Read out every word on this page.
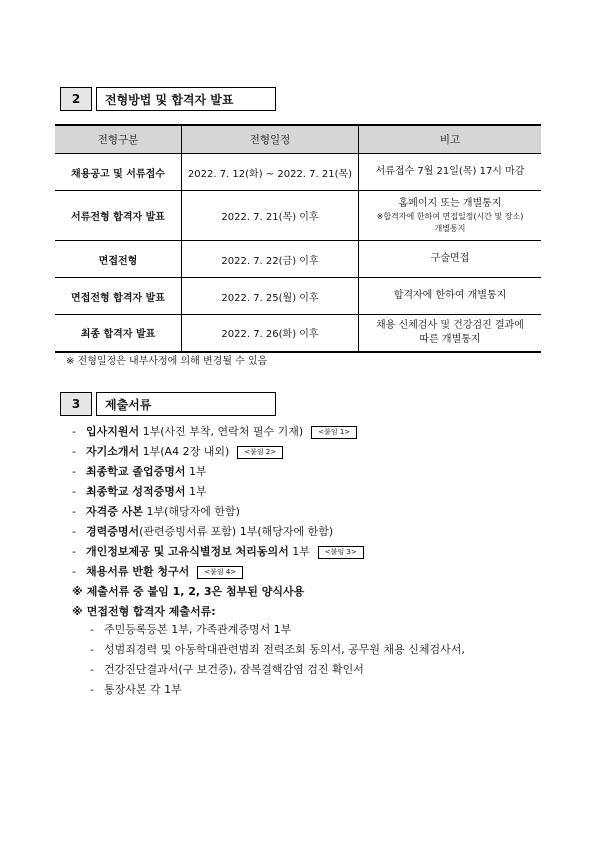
2	전형방법 및 합격자 발표
전형구분	전형일정	비고
채용공고 및 서류접수	2022. 7. 12(화) ~ 2022. 7. 21(목)	서류접수 7월 21일(목) 17시 마감

서류전형 합격자 발표	2022. 7. 21(목) 이후	홈페이지 또는 개별통지
※합격자에 한하여 면접일정(시간 및 장소)
개별통지

면접전형	2022. 7. 22(금) 이후	구술면접

면접전형 합격자 발표	2022. 7. 25(월) 이후	합격자에 한하여 개별통지

최종 합격자 발표	2022. 7. 26(화) 이후	채용 신체검사 및 건강검진 결과에
따른 개별통지
※ 전형일정은 내부사정에 의해 변경될 수 있음
3	제출서류
- 입사지원서 1부(사진 부착, 연락처 필수 기재) <붙임 1>
- 자기소개서 1부(A4 2장 내외) <붙임 2>
- 최종학교 졸업증명서 1부
- 최종학교 성적증명서 1부
- 자격증 사본 1부(해당자에 한함)
- 경력증명서(관련증빙서류 포함) 1부(해당자에 한함)
- 개인정보제공 및 고유식별정보 처리동의서 1부 <붙임 3>
- 채용서류 반환 청구서 <붙임 4>
※ 제출서류 중 붙임 1, 2, 3은 첨부된 양식사용
※ 면접전형 합격자 제출서류:
- 주민등록등본 1부, 가족관계증명서 1부
- 성범죄경력 및 아동학대관련범죄 전력조회 동의서, 공무원 채용 신체검사서,
- 건강진단결과서(구 보건증), 잠복결핵감염 검진 확인서
- 통장사본 각 1부
